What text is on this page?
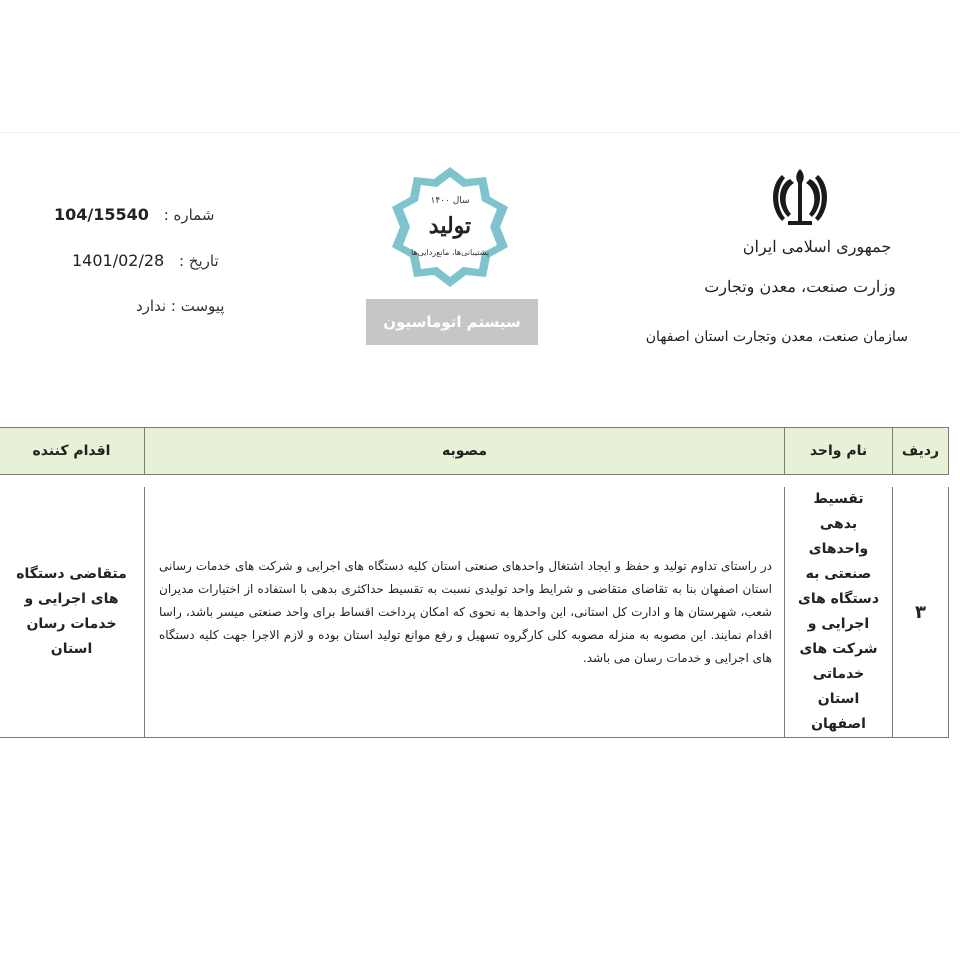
شماره : 104/15540
تاریخ : 1401/02/28
پیوست : ندارد
سال ۱۴۰۰
تولید
پشتیبانی‌ها، مانع‌زدایی‌ها
سیستم اتوماسیون
جمهوری اسلامی ایران
وزارت صنعت، معدن وتجارت
سازمان صنعت، معدن وتجارت استان اصفهان
ردیف	نام واحد	مصوبه	اقدام کننده

۳	تقسیط بدهی واحدهای صنعتی به دستگاه های اجرایی و شرکت های خدماتی استان اصفهان	در راستای تداوم تولید و حفظ و ایجاد اشتغال واحدهای صنعتی استان کلیه دستگاه های اجرایی و شرکت های خدمات رسانی استان اصفهان بنا به تقاضای متقاضی و شرایط واحد تولیدی نسبت به تقسیط حداکثری بدهی با استفاده از اختیارات مدیران شعب، شهرستان ها و ادارت کل استانی، این واحدها به نحوی که امکان پرداخت اقساط برای واحد صنعتی میسر باشد، راسا اقدام نمایند. این مصوبه به منزله مصوبه کلی کارگروه تسهیل و رفع موانع تولید استان بوده و لازم الاجرا جهت کلیه دستگاه های اجرایی و خدمات رسان می باشد.	متقاضی دستگاه های اجرایی و خدمات رسان استان
